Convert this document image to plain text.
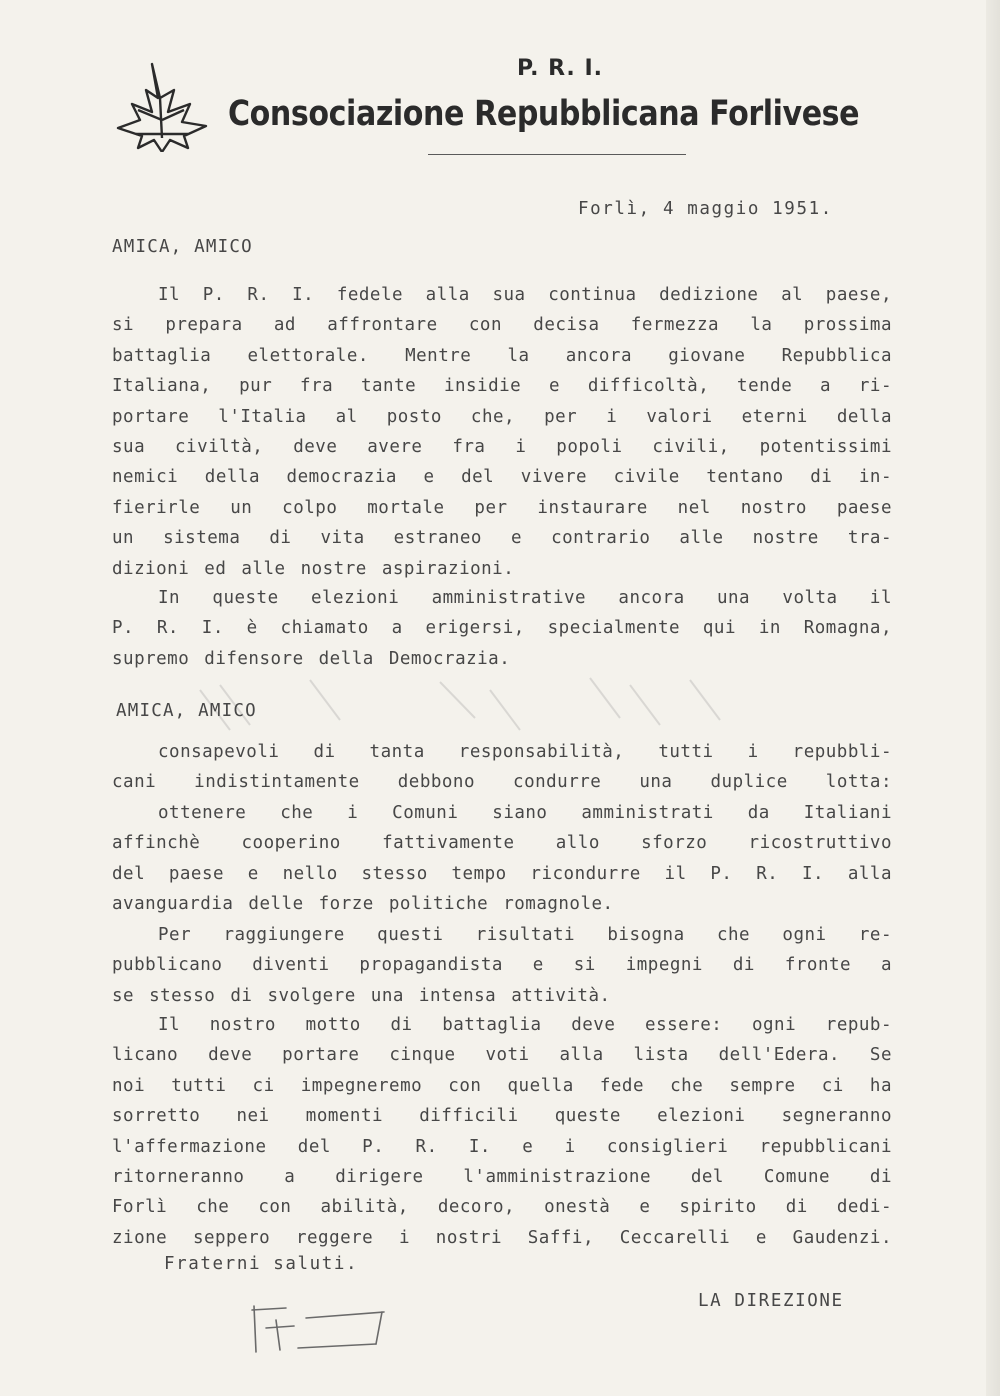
P. R. I.
Consociazione Repubblicana Forlivese
Forlì, 4 maggio 1951.
AMICA, AMICO
Il P. R. I. fedele alla sua continua dedizione al paese,
si prepara ad affrontare con decisa fermezza la prossima
battaglia elettorale. Mentre la ancora giovane Repubblica
Italiana, pur fra tante insidie e difficoltà, tende a ri-
portare l'Italia al posto che, per i valori eterni della
sua civiltà, deve avere fra i popoli civili, potentissimi
nemici della democrazia e del vivere civile tentano di in-
fierirle un colpo mortale per instaurare nel nostro paese
un sistema di vita estraneo e contrario alle nostre tra-
dizioni ed alle nostre aspirazioni.
In queste elezioni amministrative ancora una volta il
P. R. I. è chiamato a erigersi, specialmente qui in Romagna,
supremo difensore della Democrazia.
AMICA, AMICO
consapevoli di tanta responsabilità, tutti i repubbli-
cani indistintamente debbono condurre una duplice lotta:
ottenere che i Comuni siano amministrati da Italiani
affinchè cooperino fattivamente allo sforzo ricostruttivo
del paese e nello stesso tempo ricondurre il P. R. I. alla
avanguardia delle forze politiche romagnole.
Per raggiungere questi risultati bisogna che ogni re-
pubblicano diventi propagandista e si impegni di fronte a
se stesso di svolgere una intensa attività.
Il nostro motto di battaglia deve essere: ogni repub-
licano deve portare cinque voti alla lista dell'Edera. Se
noi tutti ci impegneremo con quella fede che sempre ci ha
sorretto nei momenti difficili queste elezioni segneranno
l'affermazione del P. R. I. e i consiglieri repubblicani
ritorneranno a dirigere l'amministrazione del Comune di
Forlì che con abilità, decoro, onestà e spirito di dedi-
zione seppero reggere i nostri Saffi, Ceccarelli e Gaudenzi.
Fraterni saluti.
LA DIREZIONE
